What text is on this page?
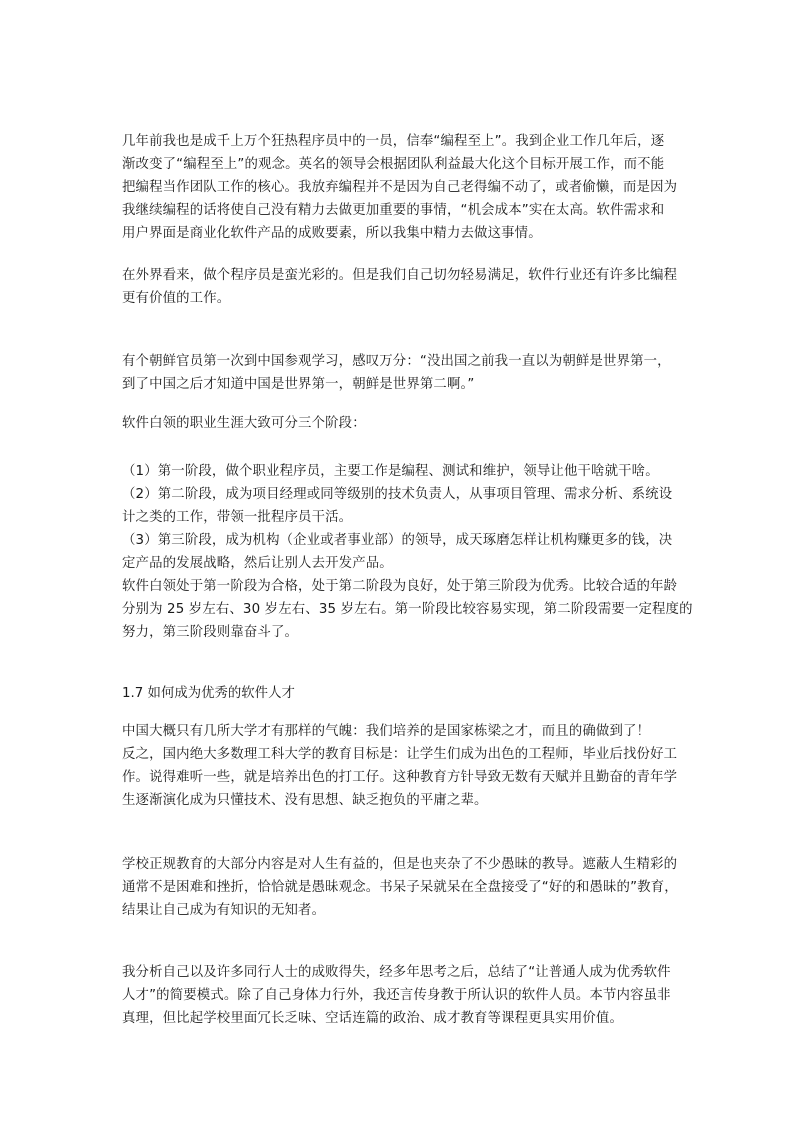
几年前我也是成千上万个狂热程序员中的一员，信奉“编程至上”。我到企业工作几年后，逐
渐改变了“编程至上”的观念。英名的领导会根据团队利益最大化这个目标开展工作，而不能
把编程当作团队工作的核心。我放弃编程并不是因为自己老得编不动了，或者偷懒，而是因为
我继续编程的话将使自己没有精力去做更加重要的事情，“机会成本”实在太高。软件需求和
用户界面是商业化软件产品的成败要素，所以我集中精力去做这事情。
在外界看来，做个程序员是蛮光彩的。但是我们自己切勿轻易满足，软件行业还有许多比编程
更有价值的工作。
有个朝鲜官员第一次到中国参观学习，感叹万分：“没出国之前我一直以为朝鲜是世界第一，
到了中国之后才知道中国是世界第一，朝鲜是世界第二啊。”
软件白领的职业生涯大致可分三个阶段：
（1）第一阶段，做个职业程序员，主要工作是编程、测试和维护，领导让他干啥就干啥。
（2）第二阶段，成为项目经理或同等级别的技术负责人，从事项目管理、需求分析、系统设
计之类的工作，带领一批程序员干活。
（3）第三阶段，成为机构（企业或者事业部）的领导，成天琢磨怎样让机构赚更多的钱，决
定产品的发展战略，然后让别人去开发产品。
软件白领处于第一阶段为合格，处于第二阶段为良好，处于第三阶段为优秀。比较合适的年龄
分别为 25 岁左右、30 岁左右、35 岁左右。第一阶段比较容易实现，第二阶段需要一定程度的
努力，第三阶段则靠奋斗了。
1.7 如何成为优秀的软件人才
中国大概只有几所大学才有那样的气魄：我们培养的是国家栋梁之才，而且的确做到了！
反之，国内绝大多数理工科大学的教育目标是：让学生们成为出色的工程师，毕业后找份好工
作。说得难听一些，就是培养出色的打工仔。这种教育方针导致无数有天赋并且勤奋的青年学
生逐渐演化成为只懂技术、没有思想、缺乏抱负的平庸之辈。
学校正规教育的大部分内容是对人生有益的，但是也夹杂了不少愚昧的教导。遮蔽人生精彩的
通常不是困难和挫折，恰恰就是愚昧观念。书呆子呆就呆在全盘接受了“好的和愚昧的”教育，
结果让自己成为有知识的无知者。
我分析自己以及许多同行人士的成败得失，经多年思考之后，总结了“让普通人成为优秀软件
人才”的简要模式。除了自己身体力行外，我还言传身教于所认识的软件人员。本节内容虽非
真理，但比起学校里面冗长乏味、空话连篇的政治、成才教育等课程更具实用价值。
